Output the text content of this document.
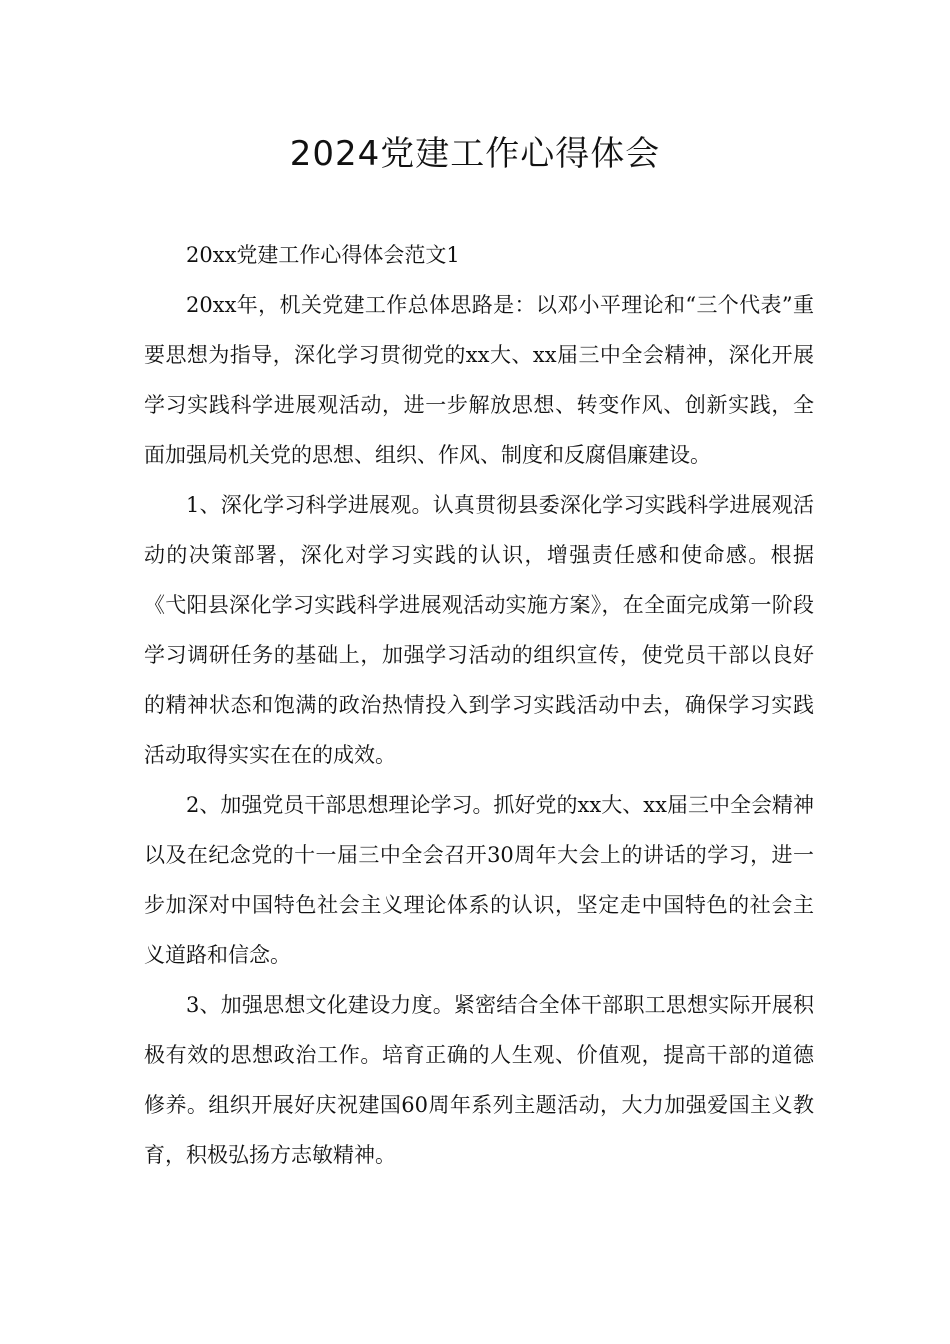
2024党建工作心得体会

20xx党建工作心得体会范文1

20xx年，机关党建工作总体思路是：以邓小平理论和“三个代表”重要思想为指导，深化学习贯彻党的xx大、xx届三中全会精神，深化开展学习实践科学进展观活动，进一步解放思想、转变作风、创新实践，全面加强局机关党的思想、组织、作风、制度和反腐倡廉建设。

1、深化学习科学进展观。认真贯彻县委深化学习实践科学进展观活动的决策部署，深化对学习实践的认识，增强责任感和使命感。根据《弋阳县深化学习实践科学进展观活动实施方案》，在全面完成第一阶段学习调研任务的基础上，加强学习活动的组织宣传，使党员干部以良好的精神状态和饱满的政治热情投入到学习实践活动中去，确保学习实践活动取得实实在在的成效。

2、加强党员干部思想理论学习。抓好党的xx大、xx届三中全会精神以及在纪念党的十一届三中全会召开30周年大会上的讲话的学习，进一步加深对中国特色社会主义理论体系的认识，坚定走中国特色的社会主义道路和信念。

3、加强思想文化建设力度。紧密结合全体干部职工思想实际开展积极有效的思想政治工作。培育正确的人生观、价值观，提高干部的道德修养。组织开展好庆祝建国60周年系列主题活动，大力加强爱国主义教育，积极弘扬方志敏精神。
